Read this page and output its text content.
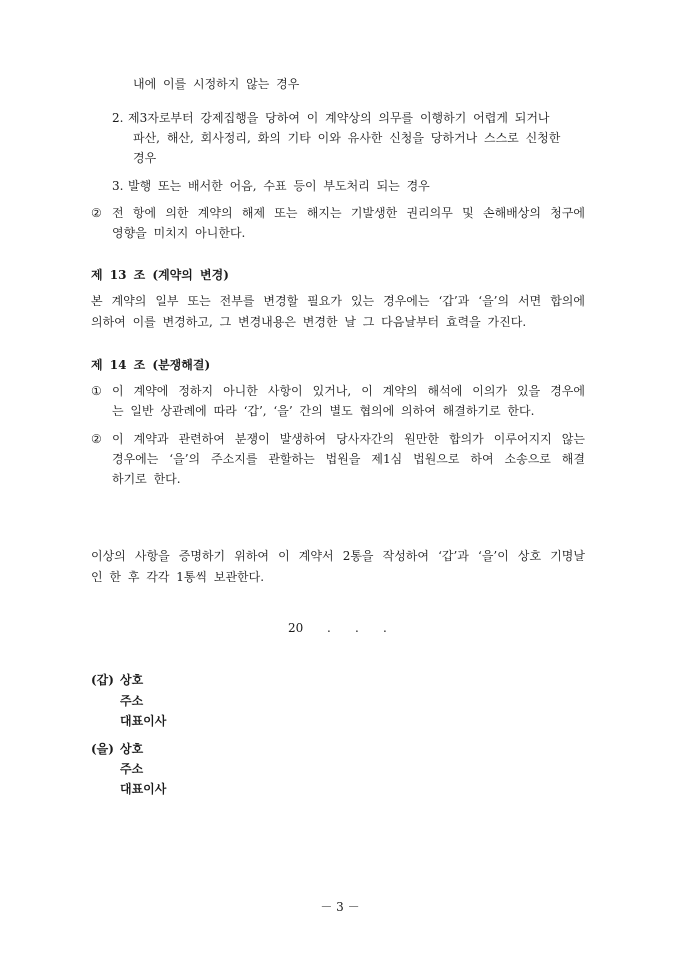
내에 이를 시정하지 않는 경우
2. 제3자로부터 강제집행을 당하여 이 계약상의 의무를 이행하기 어렵게 되거나
파산, 해산, 회사정리, 화의 기타 이와 유사한 신청을 당하거나 스스로 신청한
경우
3. 발행 또는 배서한 어음, 수표 등이 부도처리 되는 경우
② 전 항에 의한 계약의 해제 또는 해지는 기발생한 권리의무 및 손해배상의 청구에
영향을 미치지 아니한다.
제 13 조 (계약의 변경)
본 계약의 일부 또는 전부를 변경할 필요가 있는 경우에는 ‘갑’과 ‘을’의 서면 합의에
의하여 이를 변경하고, 그 변경내용은 변경한 날 그 다음날부터 효력을 가진다.
제 14 조 (분쟁해결)
① 이 계약에 정하지 아니한 사항이 있거나, 이 계약의 해석에 이의가 있을 경우에
는 일반 상관례에 따라 ‘갑’, ‘을’ 간의 별도 협의에 의하여 해결하기로 한다.
② 이 계약과 관련하여 분쟁이 발생하여 당사자간의 원만한 합의가 이루어지지 않는
경우에는 ‘을’의 주소지를 관할하는 법원을 제1심 법원으로 하여 소송으로 해결
하기로 한다.
이상의 사항을 증명하기 위하여 이 계약서 2통을 작성하여 ‘갑’과 ‘을’이 상호 기명날
인 한 후 각각 1통씩 보관한다.
20 . . .
(갑) 상호
주소
대표이사
(을) 상호
주소
대표이사
－ 3 －
